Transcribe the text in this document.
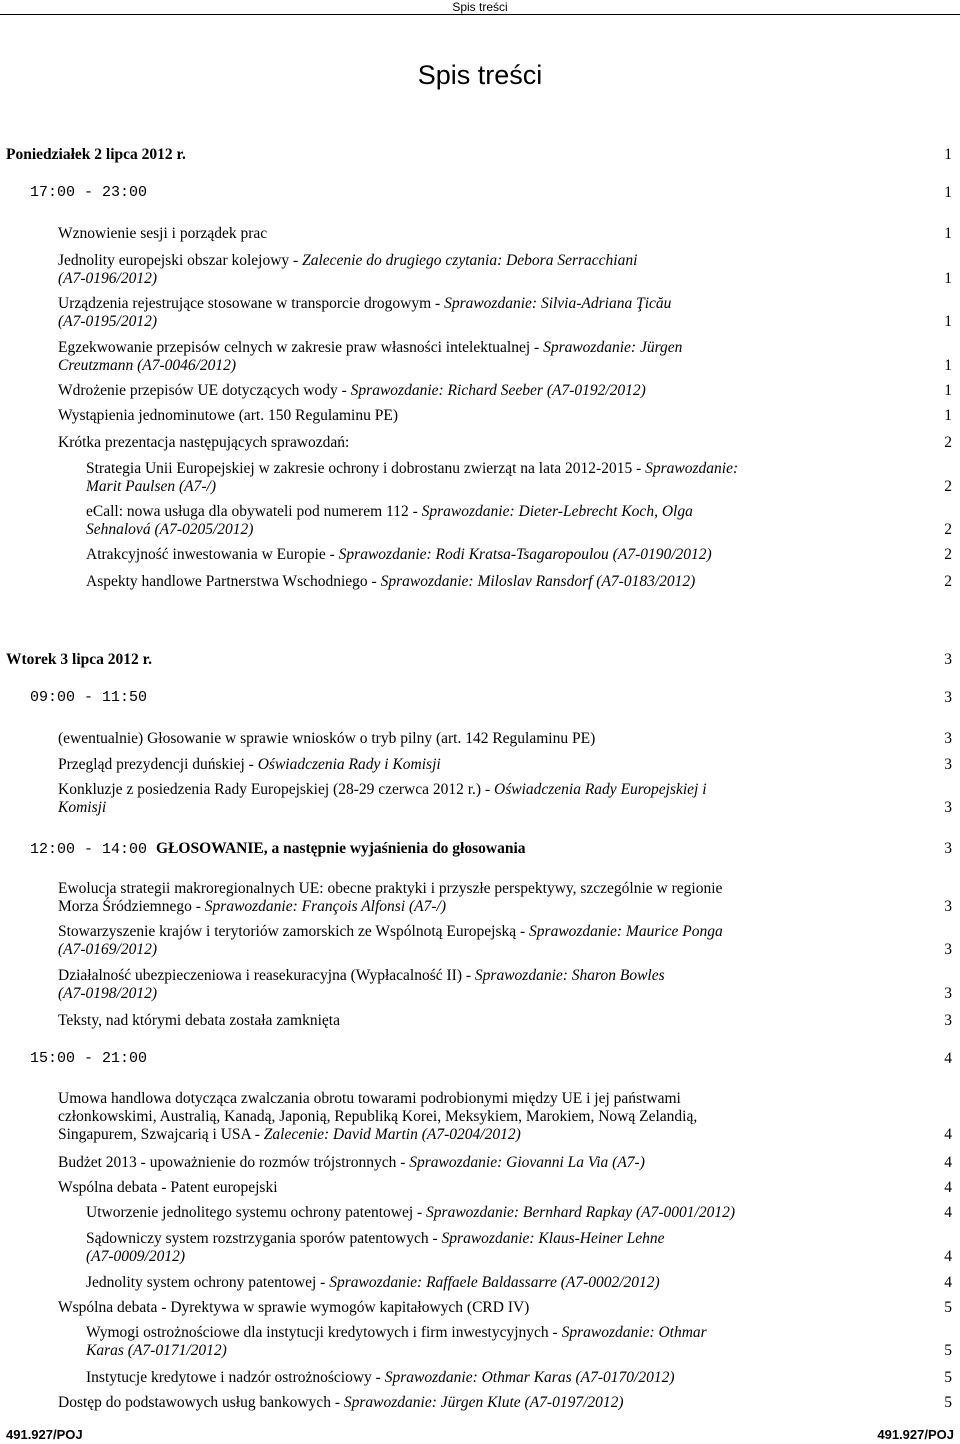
Spis treści
Spis treści
Poniedziałek 2 lipca 2012 r.	1
17:00 - 23:00	1
Wznowienie sesji i porządek prac	1
Jednolity europejski obszar kolejowy - Zalecenie do drugiego czytania: Debora Serracchiani
(A7-0196/2012)	1
Urządzenia rejestrujące stosowane w transporcie drogowym - Sprawozdanie: Silvia-Adriana Ţicău
(A7-0195/2012)	1
Egzekwowanie przepisów celnych w zakresie praw własności intelektualnej - Sprawozdanie: Jürgen
Creutzmann (A7-0046/2012)	1
Wdrożenie przepisów UE dotyczących wody - Sprawozdanie: Richard Seeber (A7-0192/2012)	1
Wystąpienia jednominutowe (art. 150 Regulaminu PE)	1
Krótka prezentacja następujących sprawozdań:	2
Strategia Unii Europejskiej w zakresie ochrony i dobrostanu zwierząt na lata 2012-2015 - Sprawozdanie:
Marit Paulsen (A7-/)	2
eCall: nowa usługa dla obywateli pod numerem 112 - Sprawozdanie: Dieter-Lebrecht Koch, Olga
Sehnalová (A7-0205/2012)	2
Atrakcyjność inwestowania w Europie - Sprawozdanie: Rodi Kratsa-Tsagaropoulou (A7-0190/2012)	2
Aspekty handlowe Partnerstwa Wschodniego - Sprawozdanie: Miloslav Ransdorf (A7-0183/2012)	2
Wtorek 3 lipca 2012 r.	3
09:00 - 11:50	3
(ewentualnie) Głosowanie w sprawie wniosków o tryb pilny (art. 142 Regulaminu PE)	3
Przegląd prezydencji duńskiej - Oświadczenia Rady i Komisji	3
Konkluzje z posiedzenia Rady Europejskiej (28-29 czerwca 2012 r.) - Oświadczenia Rady Europejskiej i
Komisji	3
12:00 - 14:00 GŁOSOWANIE, a następnie wyjaśnienia do głosowania	3
Ewolucja strategii makroregionalnych UE: obecne praktyki i przyszłe perspektywy, szczególnie w regionie
Morza Śródziemnego - Sprawozdanie: François Alfonsi (A7-/)	3
Stowarzyszenie krajów i terytoriów zamorskich ze Wspólnotą Europejską - Sprawozdanie: Maurice Ponga
(A7-0169/2012)	3
Działalność ubezpieczeniowa i reasekuracyjna (Wypłacalność II) - Sprawozdanie: Sharon Bowles
(A7-0198/2012)	3
Teksty, nad którymi debata została zamknięta	3
15:00 - 21:00	4
Umowa handlowa dotycząca zwalczania obrotu towarami podrobionymi między UE i jej państwami
członkowskimi, Australią, Kanadą, Japonią, Republiką Korei, Meksykiem, Marokiem, Nową Zelandią,
Singapurem, Szwajcarią i USA - Zalecenie: David Martin (A7-0204/2012)	4
Budżet 2013 - upoważnienie do rozmów trójstronnych - Sprawozdanie: Giovanni La Via (A7-)	4
Wspólna debata - Patent europejski	4
Utworzenie jednolitego systemu ochrony patentowej - Sprawozdanie: Bernhard Rapkay (A7-0001/2012)	4
Sądowniczy system rozstrzygania sporów patentowych - Sprawozdanie: Klaus-Heiner Lehne
(A7-0009/2012)	4
Jednolity system ochrony patentowej - Sprawozdanie: Raffaele Baldassarre (A7-0002/2012)	4
Wspólna debata - Dyrektywa w sprawie wymogów kapitałowych (CRD IV)	5
Wymogi ostrożnościowe dla instytucji kredytowych i firm inwestycyjnych - Sprawozdanie: Othmar
Karas (A7-0171/2012)	5
Instytucje kredytowe i nadzór ostrożnościowy - Sprawozdanie: Othmar Karas (A7-0170/2012)	5
Dostęp do podstawowych usług bankowych - Sprawozdanie: Jürgen Klute (A7-0197/2012)	5
491.927/POJ	491.927/POJ
